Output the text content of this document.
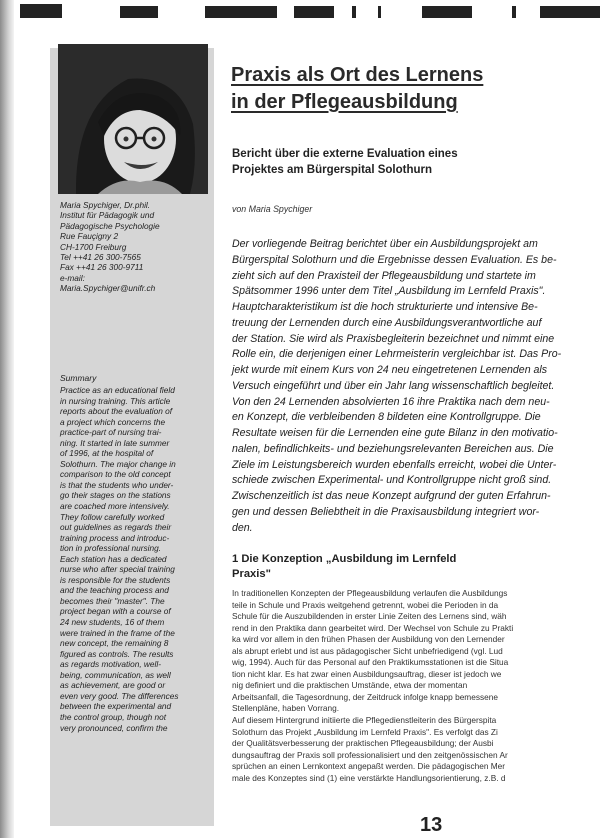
Maria Spychiger, Dr.phil.
Institut für Pädagogik und
Pädagogische Psychologie
Rue Fauçigny 2
CH-1700 Freiburg
Tel ++41 26 300-7565
Fax ++41 26 300-9711
e-mail:
Maria.Spychiger@unifr.ch
Summary
Practice as an educational field
in nursing training. This article
reports about the evaluation of
a project which concerns the
practice-part of nursing trai-
ning. It started in late summer
of 1996, at the hospital of
Solothurn. The major change in
comparison to the old concept
is that the students who under-
go their stages on the stations
are coached more intensively.
They follow carefully worked
out guidelines as regards their
training process and introduc-
tion in professional nursing.
Each station has a dedicated
nurse who after special training
is responsible for the students
and the teaching process and
becomes their "master". The
project began with a course of
24 new students, 16 of them
were trained in the frame of the
new concept, the remaining 8
figured as controls. The results
as regards motivation, well-
being, communication, as well
as achievement, are good or
even very good. The differences
between the experimental and
the control group, though not
very pronounced, confirm the
Praxis als Ort des Lernens
in der Pflegeausbildung
Bericht über die externe Evaluation eines
Projektes am Bürgerspital Solothurn
von Maria Spychiger
Der vorliegende Beitrag berichtet über ein Ausbildungsprojekt am
Bürgerspital Solothurn und die Ergebnisse dessen Evaluation. Es be-
zieht sich auf den Praxisteil der Pflegeausbildung und startete im
Spätsommer 1996 unter dem Titel „Ausbildung im Lernfeld Praxis".
Hauptcharakteristikum ist die hoch strukturierte und intensive Be-
treuung der Lernenden durch eine Ausbildungsverantwortliche auf
der Station. Sie wird als Praxisbegleiterin bezeichnet und nimmt eine
Rolle ein, die derjenigen einer Lehrmeisterin vergleichbar ist. Das Pro-
jekt wurde mit einem Kurs von 24 neu eingetretenen Lernenden als
Versuch eingeführt und über ein Jahr lang wissenschaftlich begleitet.
Von den 24 Lernenden absolvierten 16 ihre Praktika nach dem neu-
en Konzept, die verbleibenden 8 bildeten eine Kontrollgruppe. Die
Resultate weisen für die Lernenden eine gute Bilanz in den motivatio-
nalen, befindlichkeits- und beziehungsrelevanten Bereichen aus. Die
Ziele im Leistungsbereich wurden ebenfalls erreicht, wobei die Unter-
schiede zwischen Experimental- und Kontrollgruppe nicht groß sind.
Zwischenzeitlich ist das neue Konzept aufgrund der guten Erfahrun-
gen und dessen Beliebtheit in die Praxisausbildung integriert wor-
den.
1 Die Konzeption „Ausbildung im Lernfeld
Praxis"
In traditionellen Konzepten der Pflegeausbildung verlaufen die Ausbildungs
teile in Schule und Praxis weitgehend getrennt, wobei die Perioden in da
Schule für die Auszubildenden in erster Linie Zeiten des Lernens sind, wäh
rend in den Praktika dann gearbeitet wird. Der Wechsel von Schule zu Prakti
ka wird vor allem in den frühen Phasen der Ausbildung von den Lernender
als abrupt erlebt und ist aus pädagogischer Sicht unbefriedigend (vgl. Lud
wig, 1994). Auch für das Personal auf den Praktikumsstationen ist die Situa
tion nicht klar. Es hat zwar einen Ausbildungsauftrag, dieser ist jedoch we
nig definiert und die praktischen Umstände, etwa der momentan
Arbeitsanfall, die Tagesordnung, der Zeitdruck infolge knapp bemessene
Stellenpläne, haben Vorrang.
Auf diesem Hintergrund initiierte die Pflegedienstleiterin des Bürgerspita
Solothurn das Projekt „Ausbildung im Lernfeld Praxis". Es verfolgt das Zi
der Qualitätsverbesserung der praktischen Pflegeausbildung; der Ausbi
dungsauftrag der Praxis soll professionalisiert und den zeitgenössischen Ar
sprüchen an einen Lernkontext angepaßt werden. Die pädagogischen Mer
male des Konzeptes sind (1) eine verstärkte Handlungsorientierung, z.B. d
13
